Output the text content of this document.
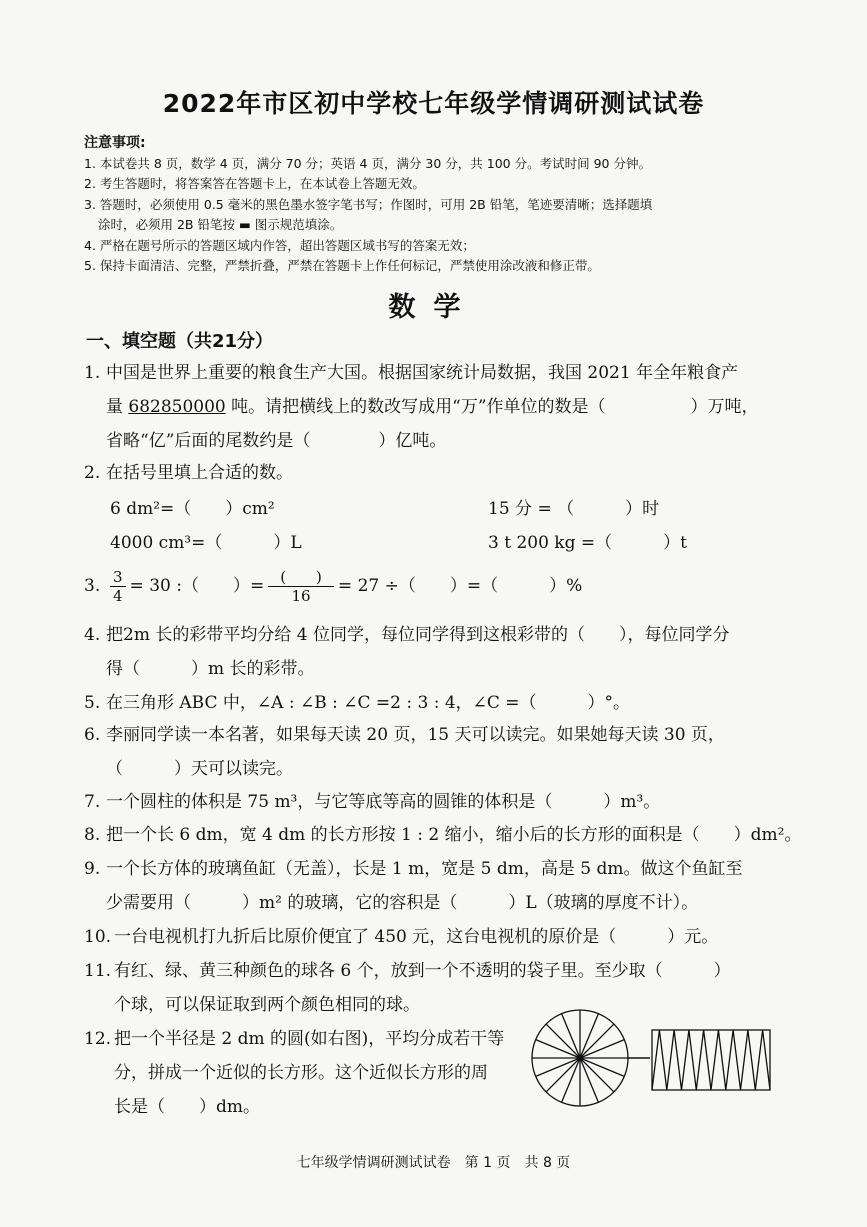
2022年市区初中学校七年级学情调研测试试卷
注意事项:
1. 本试卷共 8 页，数学 4 页，满分 70 分；英语 4 页，满分 30 分，共 100 分。考试时间 90 分钟。
2. 考生答题时，将答案答在答题卡上，在本试卷上答题无效。
3. 答题时，必须使用 0.5 毫米的黑色墨水签字笔书写；作图时，可用 2B 铅笔，笔迹要清晰；选择题填
涂时，必须用 2B 铅笔按 ▬ 图示规范填涂。
4. 严格在题号所示的答题区域内作答，超出答题区域书写的答案无效；
5. 保持卡面清洁、完整，严禁折叠，严禁在答题卡上作任何标记，严禁使用涂改液和修正带。
数学
一、填空题（共21分）
1. 中国是世界上重要的粮食生产大国。根据国家统计局数据，我国 2021 年全年粮食产
量 682850000 吨。请把横线上的数改写成用“万”作单位的数是（　　　　　）万吨，
省略“亿”后面的尾数约是（　　　　）亿吨。
2. 在括号里填上合适的数。
6 dm²=（　　）cm²	15 分 = （　　　）时
4000 cm³=（　　　）L	3 t 200 kg =（　　　）t
3. $\frac{3}{4} = 30$ :（　　）= $\frac{( )}{16} = 27$ ÷（　　）=（　　　）%
4. 把2m 长的彩带平均分给 4 位同学，每位同学得到这根彩带的（　　），每位同学分
得（　　　）m 长的彩带。
5. 在三角形 ABC 中，∠A : ∠B : ∠C =2 : 3 : 4，∠C =（　　　）°。
6. 李丽同学读一本名著，如果每天读 20 页，15 天可以读完。如果她每天读 30 页，
（　　　）天可以读完。
7. 一个圆柱的体积是 75 m³，与它等底等高的圆锥的体积是（　　　）m³。
8. 把一个长 6 dm，宽 4 dm 的长方形按 1 : 2 缩小，缩小后的长方形的面积是（　　）dm²。
9. 一个长方体的玻璃鱼缸（无盖），长是 1 m，宽是 5 dm，高是 5 dm。做这个鱼缸至
少需要用（　　　）m² 的玻璃，它的容积是（　　　）L（玻璃的厚度不计）。
10. 一台电视机打九折后比原价便宜了 450 元，这台电视机的原价是（　　　）元。
11. 有红、绿、黄三种颜色的球各 6 个，放到一个不透明的袋子里。至少取（　　　）
个球，可以保证取到两个颜色相同的球。
12. 把一个半径是 2 dm 的圆(如右图)，平均分成若干等
分，拼成一个近似的长方形。这个近似长方形的周
长是（　　）dm。
七年级学情调研测试试卷　第 1 页　共 8 页
